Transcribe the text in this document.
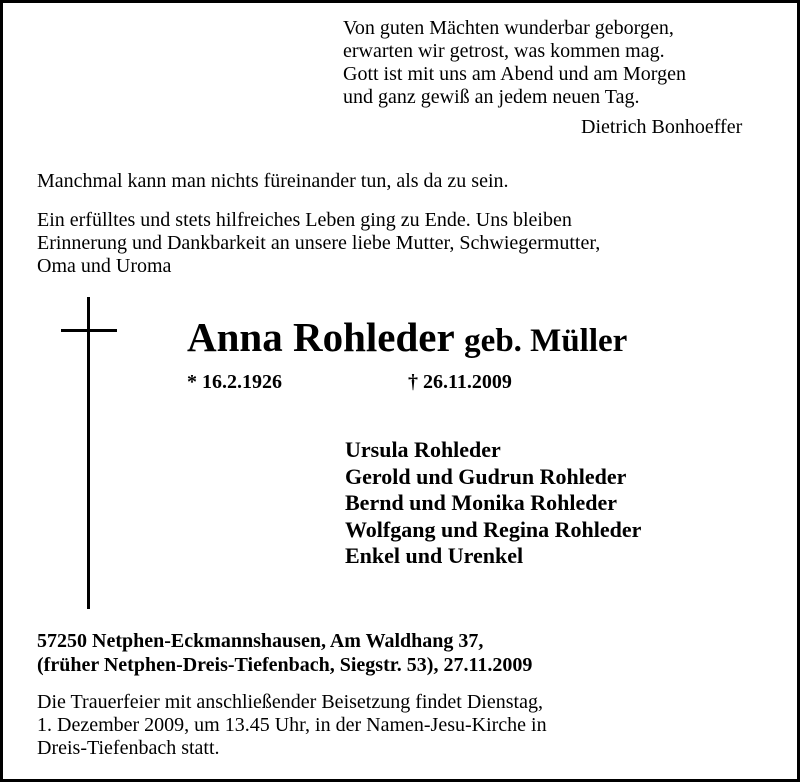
Von guten Mächten wunderbar geborgen,
erwarten wir getrost, was kommen mag.
Gott ist mit uns am Abend und am Morgen
und ganz gewiß an jedem neuen Tag.
Dietrich Bonhoeffer
Manchmal kann man nichts füreinander tun, als da zu sein.
Ein erfülltes und stets hilfreiches Leben ging zu Ende. Uns bleiben
Erinnerung und Dankbarkeit an unsere liebe Mutter, Schwiegermutter,
Oma und Uroma
Anna Rohleder geb. Müller
* 16.2.1926	† 26.11.2009
Ursula Rohleder
Gerold und Gudrun Rohleder
Bernd und Monika Rohleder
Wolfgang und Regina Rohleder
Enkel und Urenkel
57250 Netphen-Eckmannshausen, Am Waldhang 37,
(früher Netphen-Dreis-Tiefenbach, Siegstr. 53), 27.11.2009
Die Trauerfeier mit anschließender Beisetzung findet Dienstag,
1. Dezember 2009, um 13.45 Uhr, in der Namen-Jesu-Kirche in
Dreis-Tiefenbach statt.
